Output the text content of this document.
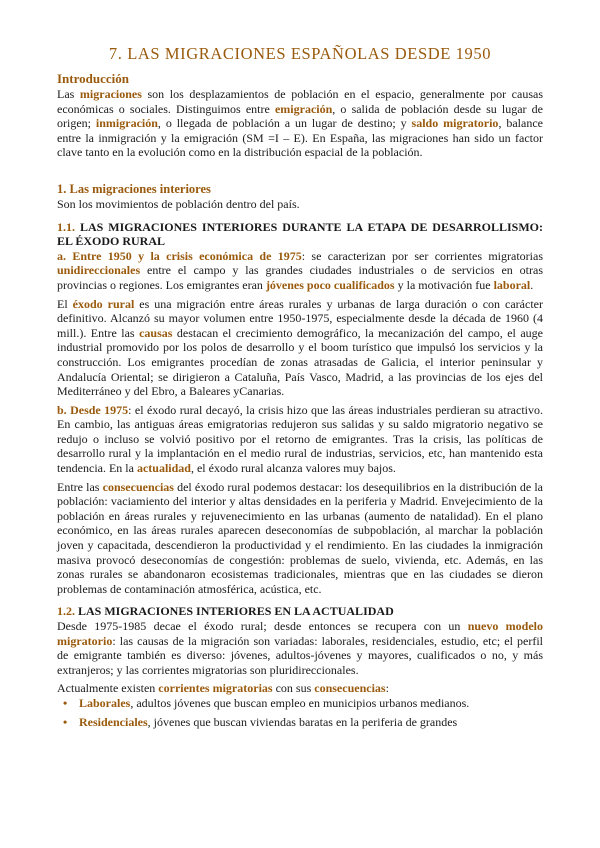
7. LAS MIGRACIONES ESPAÑOLAS DESDE 1950
Introducción

Las migraciones son los desplazamientos de población en el espacio, generalmente por causas económicas o sociales. Distinguimos entre emigración, o salida de población desde su lugar de origen; inmigración, o llegada de población a un lugar de destino; y saldo migratorio, balance entre la inmigración y la emigración (SM =I – E). En España, las migraciones han sido un factor clave tanto en la evolución como en la distribución espacial de la población.

1. Las migraciones interiores

Son los movimientos de población dentro del país.

1.1. LAS MIGRACIONES INTERIORES DURANTE LA ETAPA DE DESARROLLISMO: EL ÉXODO RURAL

a. Entre 1950 y la crisis económica de 1975: se caracterizan por ser corrientes migratorias unidireccionales entre el campo y las grandes ciudades industriales o de servicios en otras provincias o regiones. Los emigrantes eran jóvenes poco cualificados y la motivación fue laboral.

El éxodo rural es una migración entre áreas rurales y urbanas de larga duración o con carácter definitivo. Alcanzó su mayor volumen entre 1950-1975, especialmente desde la década de 1960 (4 mill.). Entre las causas destacan el crecimiento demográfico, la mecanización del campo, el auge industrial promovido por los polos de desarrollo y el boom turístico que impulsó los servicios y la construcción. Los emigrantes procedían de zonas atrasadas de Galicia, el interior peninsular y Andalucía Oriental; se dirigieron a Cataluña, País Vasco, Madrid, a las provincias de los ejes del Mediterráneo y del Ebro, a Baleares yCanarias.

b. Desde 1975: el éxodo rural decayó, la crisis hizo que las áreas industriales perdieran su atractivo. En cambio, las antiguas áreas emigratorias redujeron sus salidas y su saldo migratorio negativo se redujo o incluso se volvió positivo por el retorno de emigrantes. Tras la crisis, las políticas de desarrollo rural y la implantación en el medio rural de industrias, servicios, etc, han mantenido esta tendencia. En la actualidad, el éxodo rural alcanza valores muy bajos.

Entre las consecuencias del éxodo rural podemos destacar: los desequilibrios en la distribución de la población: vaciamiento del interior y altas densidades en la periferia y Madrid. Envejecimiento de la población en áreas rurales y rejuvenecimiento en las urbanas (aumento de natalidad). En el plano económico, en las áreas rurales aparecen deseconomías de subpoblación, al marchar la población joven y capacitada, descendieron la productividad y el rendimiento. En las ciudades la inmigración masiva provocó deseconomías de congestión: problemas de suelo, vivienda, etc. Además, en las zonas rurales se abandonaron ecosistemas tradicionales, mientras que en las ciudades se dieron problemas de contaminación atmosférica, acústica, etc.

1.2. LAS MIGRACIONES INTERIORES EN LA ACTUALIDAD

Desde 1975-1985 decae el éxodo rural; desde entonces se recupera con un nuevo modelo migratorio: las causas de la migración son variadas: laborales, residenciales, estudio, etc; el perfil de emigrante también es diverso: jóvenes, adultos-jóvenes y mayores, cualificados o no, y más extranjeros; y las corrientes migratorias son pluridireccionales.

Actualmente existen corrientes migratorias con sus consecuencias:

• Laborales, adultos jóvenes que buscan empleo en municipios urbanos medianos.
• Residenciales, jóvenes que buscan viviendas baratas en la periferia de grandes
